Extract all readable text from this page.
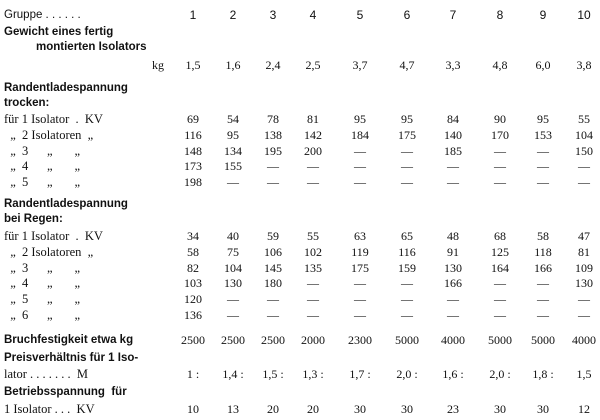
Gruppe . . . . . .	1	2	3	4	5	6	7	8	9	10
Gewicht eines fertig
montierten Isolators
kg	1,5	1,6	2,4	2,5	3,7	4,7	3,3	4,8	6,0	3,8
Randentladespannung
trocken:
für 1 Isolator  .  KV	69	54	78	81	95	95	84	90	95	55
„  2 Isolatoren  „	116	95	138	142	184	175	140	170	153	104
„  3      „       „	148	134	195	200	—	—	185	—	—	150
„  4      „       „	173	155	—	—	—	—	—	—	—	—
„  5      „       „	198	—	—	—	—	—	—	—	—	—
Randentladespannung
bei Regen:
für 1 Isolator  .  KV	34	40	59	55	63	65	48	68	58	47
„  2 Isolatoren  „	58	75	106	102	119	116	91	125	118	81
„  3      „       „	82	104	145	135	175	159	130	164	166	109
„  4      „       „	103	130	180	—	—	—	166	—	—	130
„  5      „       „	120	—	—	—	—	—	—	—	—	—
„  6      „       „	136	—	—	—	—	—	—	—	—	—
Bruchfestigkeit etwa kg	2500	2500	2500	2000	2300	5000	4000	5000	5000	4000
Preisverhältnis für 1 Iso-
lator . . . . . . .  M	1 :	1,4 :	1,5 :	1,3 :	1,7 :	2,0 :	1,6 :	2,0 :	1,8 :	1,5
Betriebsspannung  für
1 Isolator . . .  KV	10	13	20	20	30	30	23	30	30	12
